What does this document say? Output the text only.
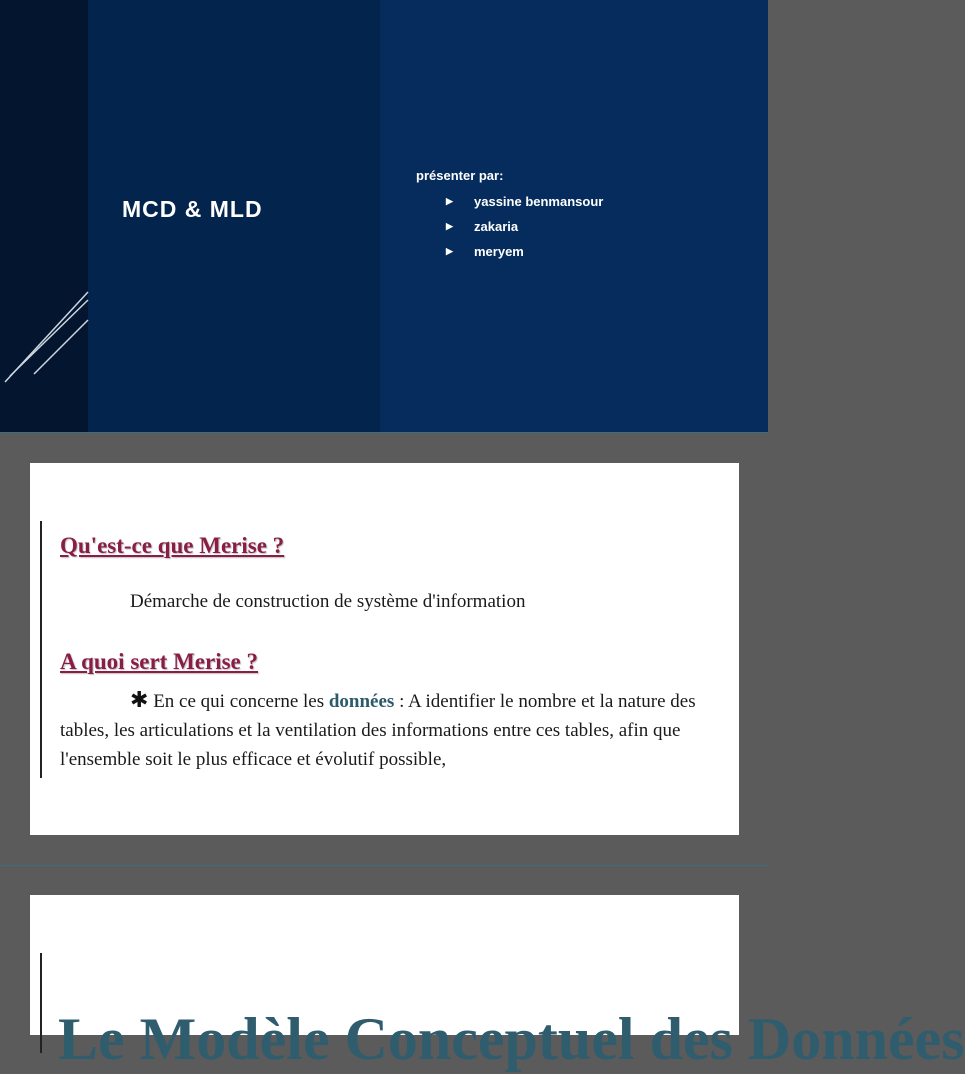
MCD & MLD
présenter par:
▶ yassine benmansour
▶ zakaria
▶ meryem
Qu'est-ce que Merise ?

Démarche de construction de système d'information

A quoi sert Merise ?

✱ En ce qui concerne les données : A identifier le nombre et la nature des tables, les articulations et la ventilation des informations entre ces tables, afin que l'ensemble soit le plus efficace et évolutif possible,

Le Modèle Conceptuel des Données
